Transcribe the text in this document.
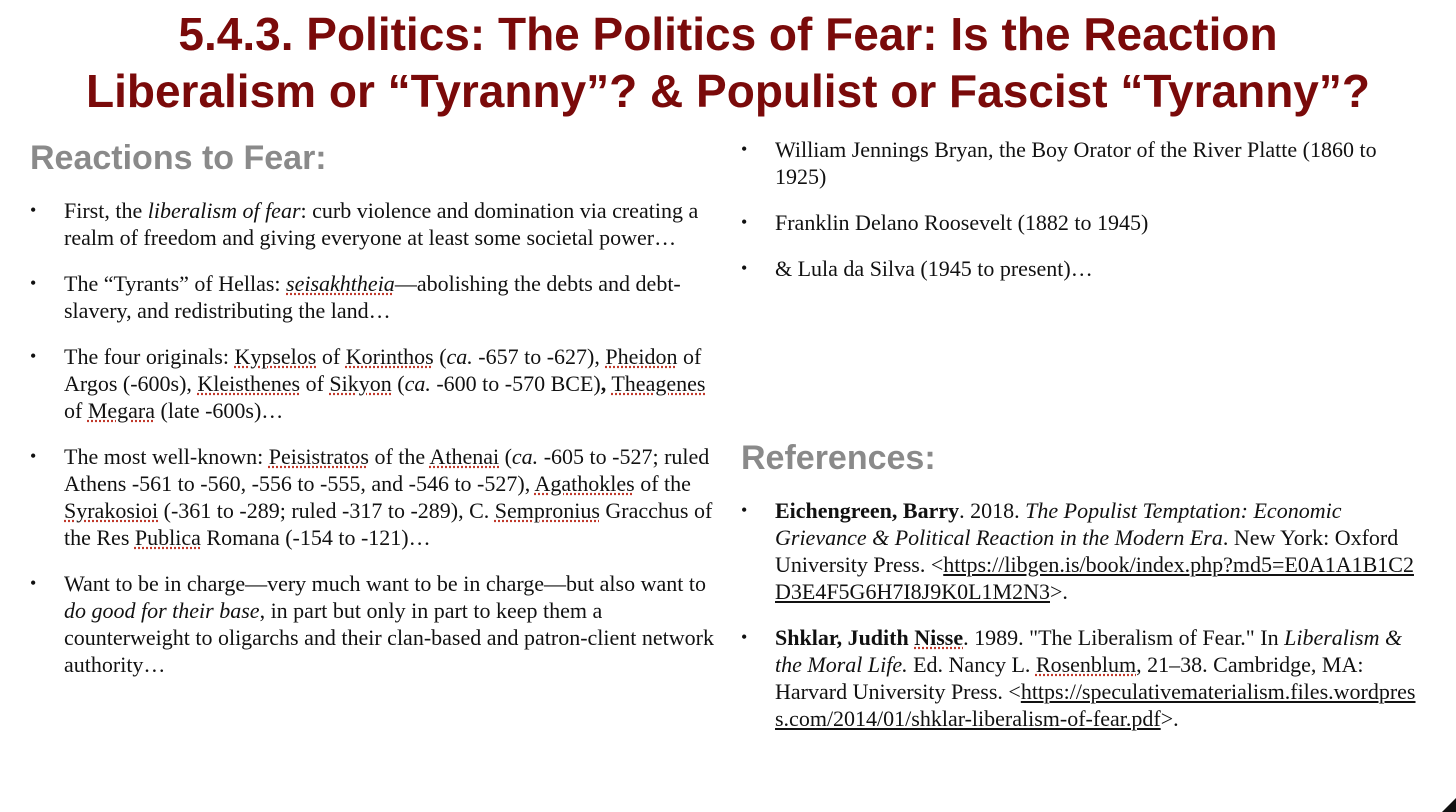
5.4.3. Politics: The Politics of Fear: Is the Reaction
Liberalism or “Tyranny”? & Populist or Fascist “Tyranny”?
Reactions to Fear:
• First, the liberalism of fear: curb violence and domination via creating a realm of freedom and giving everyone at least some societal power…
• The “Tyrants” of Hellas: seisakhtheia—abolishing the debts and debt-slavery, and redistributing the land…
• The four originals: Kypselos of Korinthos (ca. -657 to -627), Pheidon of Argos (-600s), Kleisthenes of Sikyon (ca. -600 to -570 BCE), Theagenes of Megara (late -600s)…
• The most well-known: Peisistratos of the Athenai (ca. -605 to -527; ruled Athens -561 to -560, -556 to -555, and -546 to -527), Agathokles of the Syrakosioi (-361 to -289; ruled -317 to -289), C. Sempronius Gracchus of the Res Publica Romana (-154 to -121)…
• Want to be in charge—very much want to be in charge—but also want to do good for their base, in part but only in part to keep them a counterweight to oligarchs and their clan-based and patron-client network authority…
• William Jennings Bryan, the Boy Orator of the River Platte (1860 to 1925)
• Franklin Delano Roosevelt (1882 to 1945)
• & Lula da Silva (1945 to present)…
References:
• Eichengreen, Barry. 2018. The Populist Temptation: Economic Grievance & Political Reaction in the Modern Era. New York: Oxford University Press. <https://libgen.is/book/index.php?md5=E0A1A1B1C2D3E4F5G6H7I8J9K0L1M2N3>.
• Shklar, Judith Nisse. 1989. "The Liberalism of Fear." In Liberalism & the Moral Life. Ed. Nancy L. Rosenblum, 21–38. Cambridge, MA: Harvard University Press. <https://speculativematerialism.files.wordpress.com/2014/01/shklar-liberalism-of-fear.pdf>.
